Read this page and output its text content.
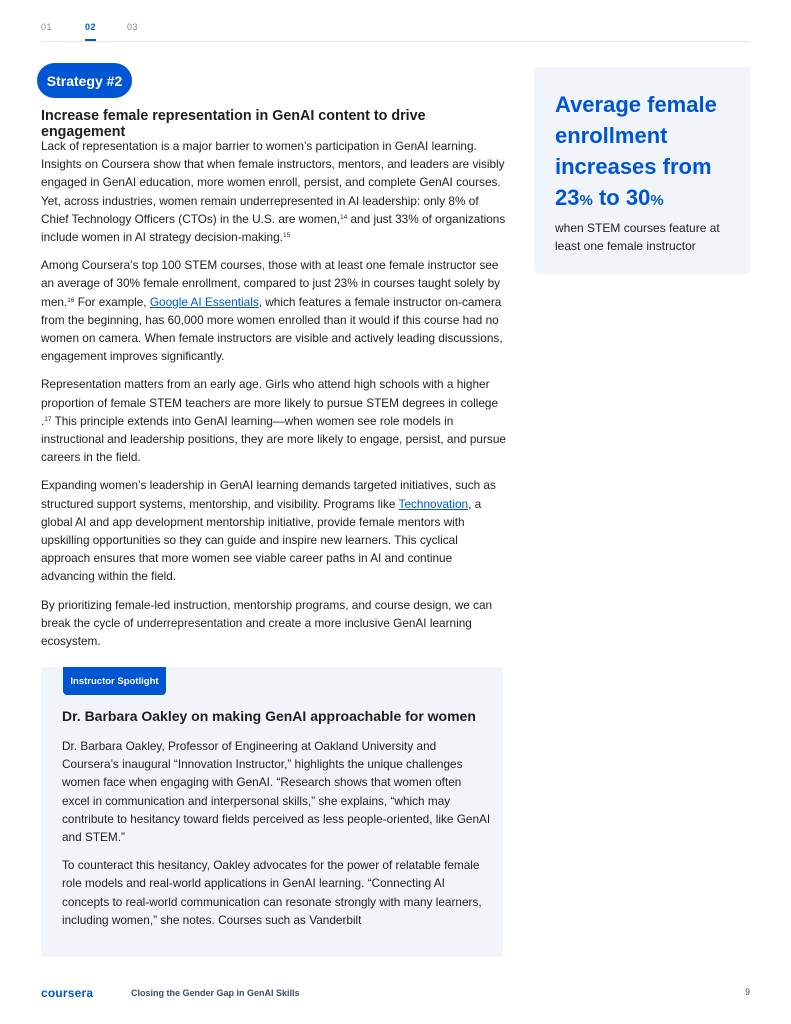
01	02	03
Strategy #2
Increase female representation in GenAI content to drive engagement

Lack of representation is a major barrier to women’s participation in GenAI learning. Insights on Coursera show that when female instructors, mentors, and leaders are visibly engaged in GenAI education, more women enroll, persist, and complete GenAI courses. Yet, across industries, women remain underrepresented in AI leadership: only 8% of Chief Technology Officers (CTOs) in the U.S. are women,$^{14}$ and just 33% of organizations include women in AI strategy decision-making.$^{15}$

Among Coursera’s top 100 STEM courses, those with at least one female instructor see an average of 30% female enrollment, compared to just 23% in courses taught solely by men.$^{16}$ For example, Google AI Essentials, which features a female instructor on-camera from the beginning, has 60,000 more women enrolled than it would if this course had no women on camera. When female instructors are visible and actively leading discussions, engagement improves significantly.

Representation matters from an early age. Girls who attend high schools with a higher proportion of female STEM teachers are more likely to pursue STEM degrees in college .$^{17}$ This principle extends into GenAI learning—when women see role models in instructional and leadership positions, they are more likely to engage, persist, and pursue careers in the field.

Expanding women’s leadership in GenAI learning demands targeted initiatives, such as structured support systems, mentorship, and visibility. Programs like Technovation, a global AI and app development mentorship initiative, provide female mentors with upskilling opportunities so they can guide and inspire new learners. This cyclical approach ensures that more women see viable career paths in AI and continue advancing within the field.

By prioritizing female-led instruction, mentorship programs, and course design, we can break the cycle of underrepresentation and create a more inclusive GenAI learning ecosystem.

Average female enrollment increases from
23% to 30%
when STEM courses feature at least one female instructor
Instructor Spotlight
Dr. Barbara Oakley on making GenAI approachable for women

Dr. Barbara Oakley, Professor of Engineering at Oakland University and Coursera’s inaugural “Innovation Instructor,” highlights the unique challenges women face when engaging with GenAI. “Research shows that women often excel in communication and interpersonal skills,” she explains, “which may contribute to hesitancy toward fields perceived as less people-oriented, like GenAI and STEM.”

To counteract this hesitancy, Oakley advocates for the power of relatable female role models and real-world applications in GenAI learning. “Connecting AI concepts to real-world communication can resonate strongly with many learners, including women,” she notes. Courses such as Vanderbilt

coursera	Closing the Gender Gap in GenAI Skills	9
